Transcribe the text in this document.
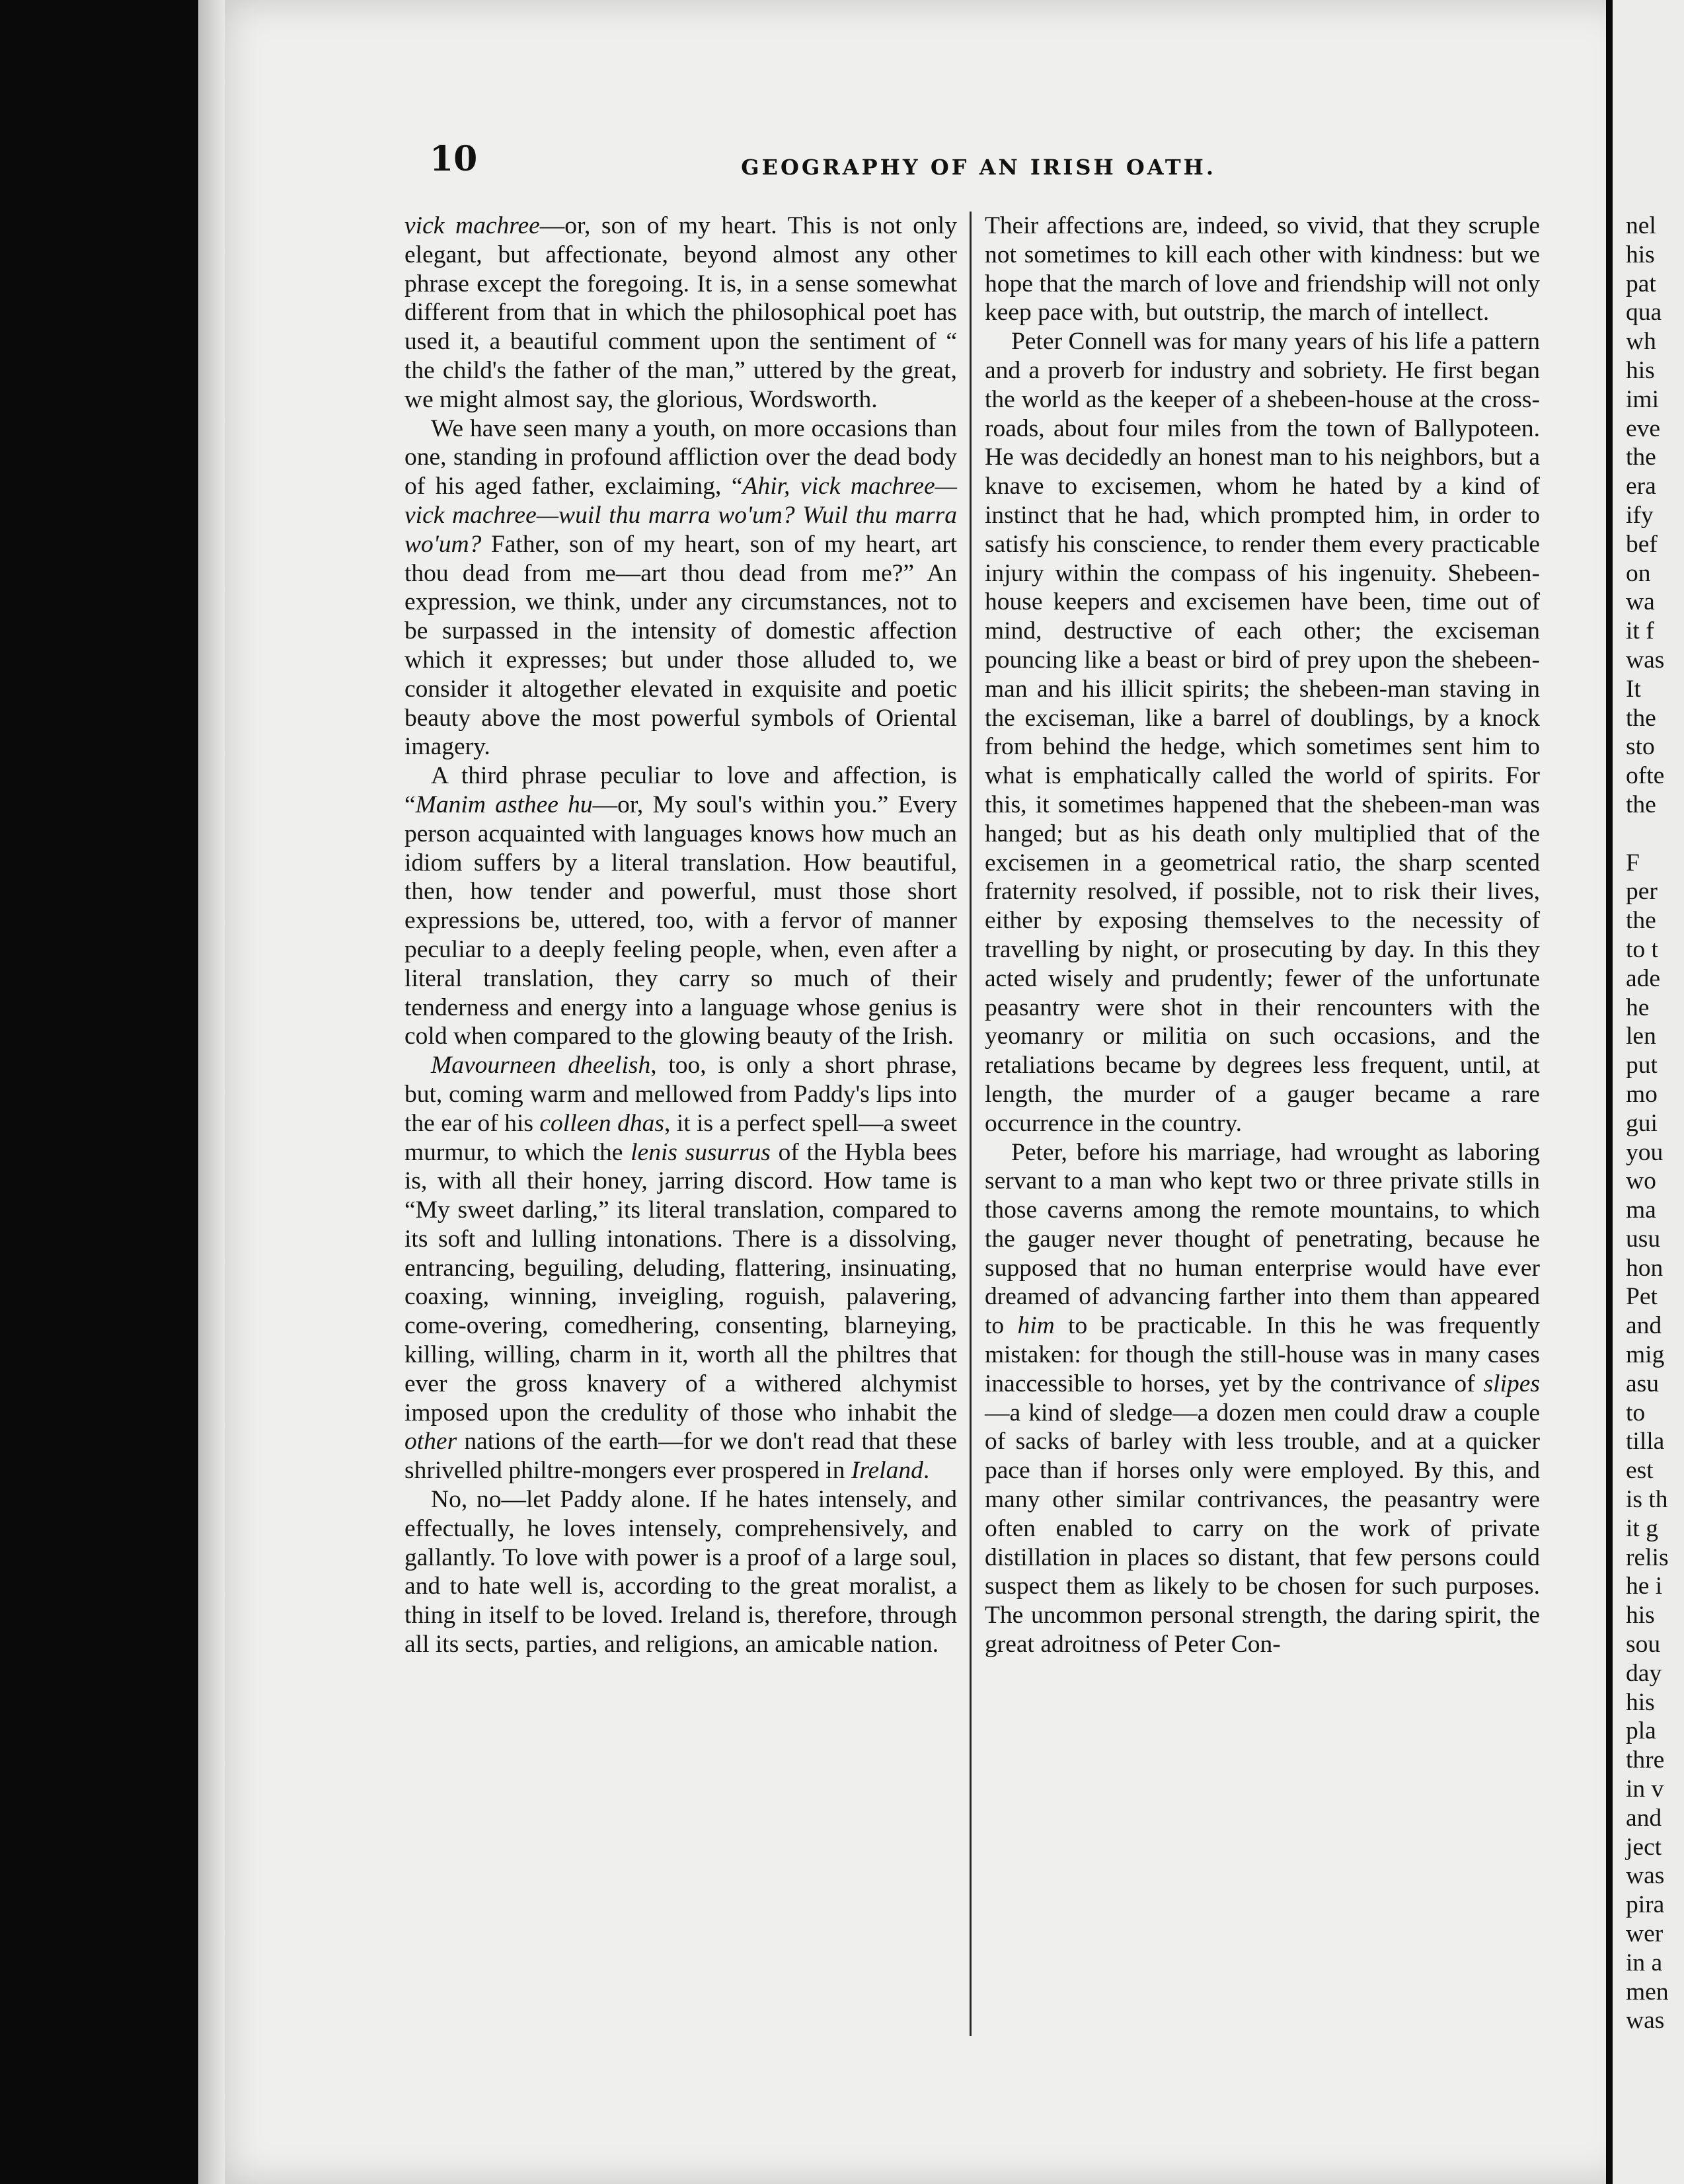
10	GEOGRAPHY OF AN IRISH OATH.

vick machree—or, son of my heart. This is not only elegant, but affectionate, beyond almost any other phrase except the foregoing. It is, in a sense somewhat different from that in which the philosophical poet has used it, a beautiful comment upon the sentiment of “ the child's the father of the man,” uttered by the great, we might almost say, the glorious, Wordsworth.

We have seen many a youth, on more occasions than one, standing in profound affliction over the dead body of his aged father, exclaiming, “Ahir, vick machree—vick machree—wuil thu marra wo'um? Wuil thu marra wo'um? Father, son of my heart, son of my heart, art thou dead from me—art thou dead from me?” An expression, we think, under any circumstances, not to be surpassed in the intensity of domestic affection which it expresses; but under those alluded to, we consider it altogether elevated in exquisite and poetic beauty above the most powerful symbols of Oriental imagery.

A third phrase peculiar to love and affection, is “Manim asthee hu—or, My soul's within you.” Every person acquainted with languages knows how much an idiom suffers by a literal translation. How beautiful, then, how tender and powerful, must those short expressions be, uttered, too, with a fervor of manner peculiar to a deeply feeling people, when, even after a literal translation, they carry so much of their tenderness and energy into a language whose genius is cold when compared to the glowing beauty of the Irish.

Mavourneen dheelish, too, is only a short phrase, but, coming warm and mellowed from Paddy's lips into the ear of his colleen dhas, it is a perfect spell—a sweet murmur, to which the lenis susurrus of the Hybla bees is, with all their honey, jarring discord. How tame is “My sweet darling,” its literal translation, compared to its soft and lulling intonations. There is a dissolving, entrancing, beguiling, deluding, flattering, insinuating, coaxing, winning, inveigling, roguish, palavering, come-overing, comedhering, consenting, blarneying, killing, willing, charm in it, worth all the philtres that ever the gross knavery of a withered alchymist imposed upon the credulity of those who inhabit the other nations of the earth—for we don't read that these shrivelled philtre-mongers ever prospered in Ireland.

No, no—let Paddy alone. If he hates intensely, and effectually, he loves intensely, comprehensively, and gallantly. To love with power is a proof of a large soul, and to hate well is, according to the great moralist, a thing in itself to be loved. Ireland is, therefore, through all its sects, parties, and religions, an amicable nation.

Their affections are, indeed, so vivid, that they scruple not sometimes to kill each other with kindness: but we hope that the march of love and friendship will not only keep pace with, but outstrip, the march of intellect.

Peter Connell was for many years of his life a pattern and a proverb for industry and sobriety. He first began the world as the keeper of a shebeen-house at the cross-roads, about four miles from the town of Ballypoteen. He was decidedly an honest man to his neighbors, but a knave to excisemen, whom he hated by a kind of instinct that he had, which prompted him, in order to satisfy his conscience, to render them every practicable injury within the compass of his ingenuity. Shebeen-house keepers and excisemen have been, time out of mind, destructive of each other; the exciseman pouncing like a beast or bird of prey upon the shebeen-man and his illicit spirits; the shebeen-man staving in the exciseman, like a barrel of doublings, by a knock from behind the hedge, which sometimes sent him to what is emphatically called the world of spirits. For this, it sometimes happened that the shebeen-man was hanged; but as his death only multiplied that of the excisemen in a geometrical ratio, the sharp scented fraternity resolved, if possible, not to risk their lives, either by exposing themselves to the necessity of travelling by night, or prosecuting by day. In this they acted wisely and prudently; fewer of the unfortunate peasantry were shot in their rencounters with the yeomanry or militia on such occasions, and the retaliations became by degrees less frequent, until, at length, the murder of a gauger became a rare occurrence in the country.

Peter, before his marriage, had wrought as laboring servant to a man who kept two or three private stills in those caverns among the remote mountains, to which the gauger never thought of penetrating, because he supposed that no human enterprise would have ever dreamed of advancing farther into them than appeared to him to be practicable. In this he was frequently mistaken: for though the still-house was in many cases inaccessible to horses, yet by the contrivance of slipes—a kind of sledge—a dozen men could draw a couple of sacks of barley with less trouble, and at a quicker pace than if horses only were employed. By this, and many other similar contrivances, the peasantry were often enabled to carry on the work of private distillation in places so distant, that few persons could suspect them as likely to be chosen for such purposes. The uncommon personal strength, the daring spirit, the great adroitness of Peter Con-

nel
his
pat
qua
wh
his
imi
eve
the
era
ify
bef
on
wa
it f
was
It
the
sto
ofte
the
F
per
the
to t
ade
he
len
put
mo
gui
you
wo
ma
usu
hon
Pet
and
mig
asu
to
tilla
est
is th
it g
relis
he i
his
sou
day
his
pla
thre
in v
and
ject
was
pira
wer
in a
men
was
